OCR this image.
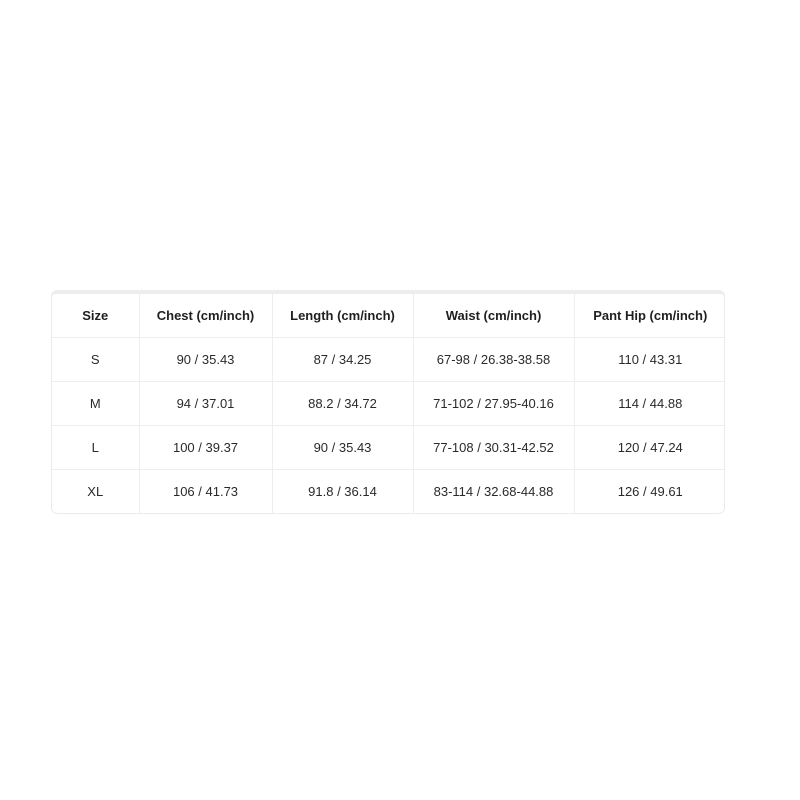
Size	Chest (cm/inch)	Length (cm/inch)	Waist (cm/inch)	Pant Hip (cm/inch)
S	90 / 35.43	87 / 34.25	67-98 / 26.38-38.58	110 / 43.31
M	94 / 37.01	88.2 / 34.72	71-102 / 27.95-40.16	114 / 44.88
L	100 / 39.37	90 / 35.43	77-108 / 30.31-42.52	120 / 47.24
XL	106 / 41.73	91.8 / 36.14	83-114 / 32.68-44.88	126 / 49.61
